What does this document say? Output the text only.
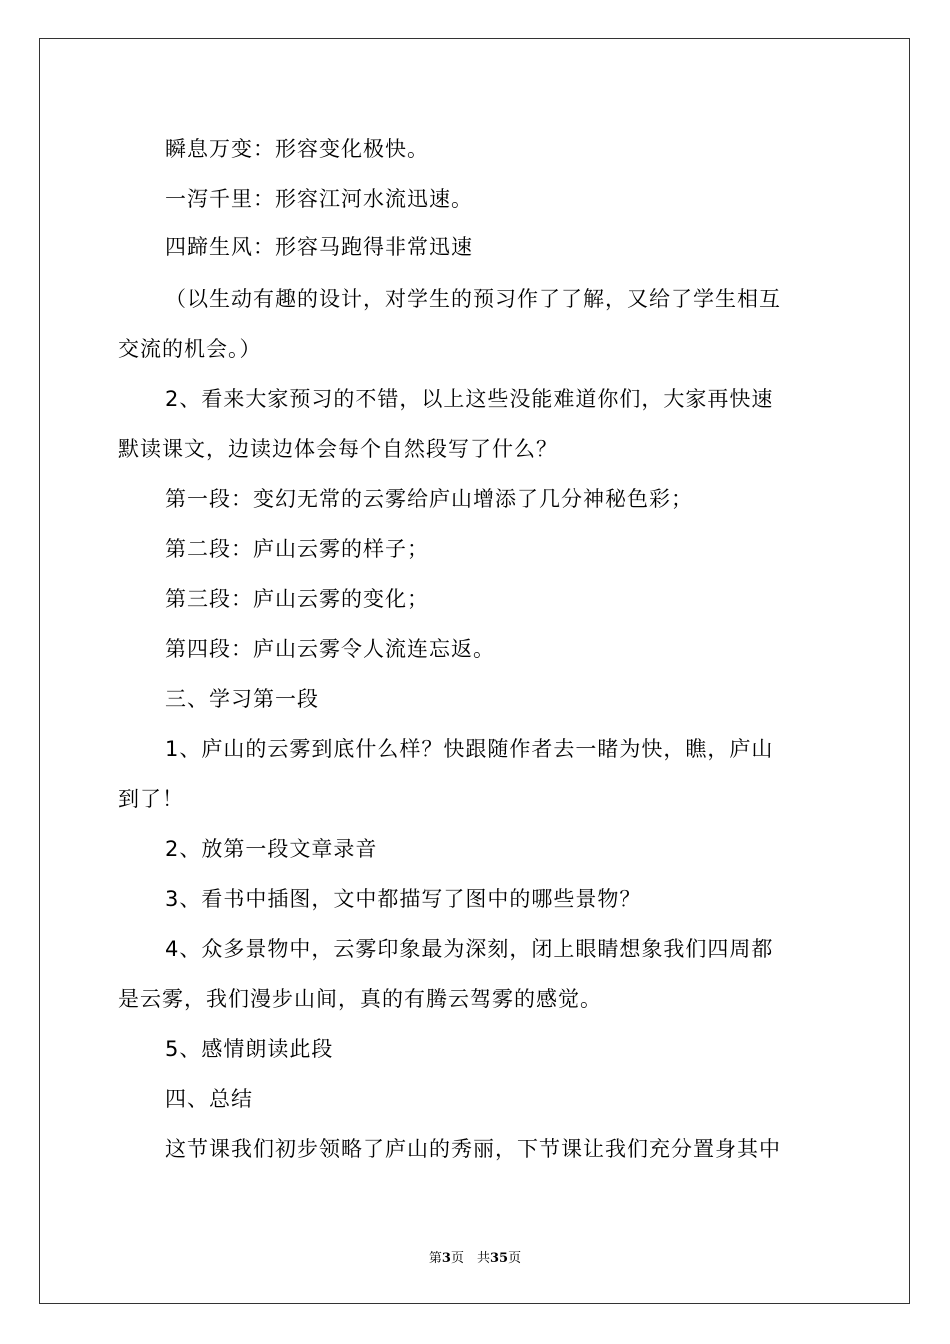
瞬息万变：形容变化极快。
一泻千里：形容江河水流迅速。
四蹄生风：形容马跑得非常迅速
（以生动有趣的设计，对学生的预习作了了解，又给了学生相互
交流的机会。）
2、看来大家预习的不错，以上这些没能难道你们，大家再快速
默读课文，边读边体会每个自然段写了什么？
第一段：变幻无常的云雾给庐山增添了几分神秘色彩；
第二段：庐山云雾的样子；
第三段：庐山云雾的变化；
第四段：庐山云雾令人流连忘返。
三、学习第一段
1、庐山的云雾到底什么样？快跟随作者去一睹为快，瞧，庐山
到了！
2、放第一段文章录音
3、看书中插图，文中都描写了图中的哪些景物？
4、众多景物中，云雾印象最为深刻，闭上眼睛想象我们四周都
是云雾，我们漫步山间，真的有腾云驾雾的感觉。
5、感情朗读此段
四、总结
这节课我们初步领略了庐山的秀丽，下节课让我们充分置身其中
第3页　共35页
